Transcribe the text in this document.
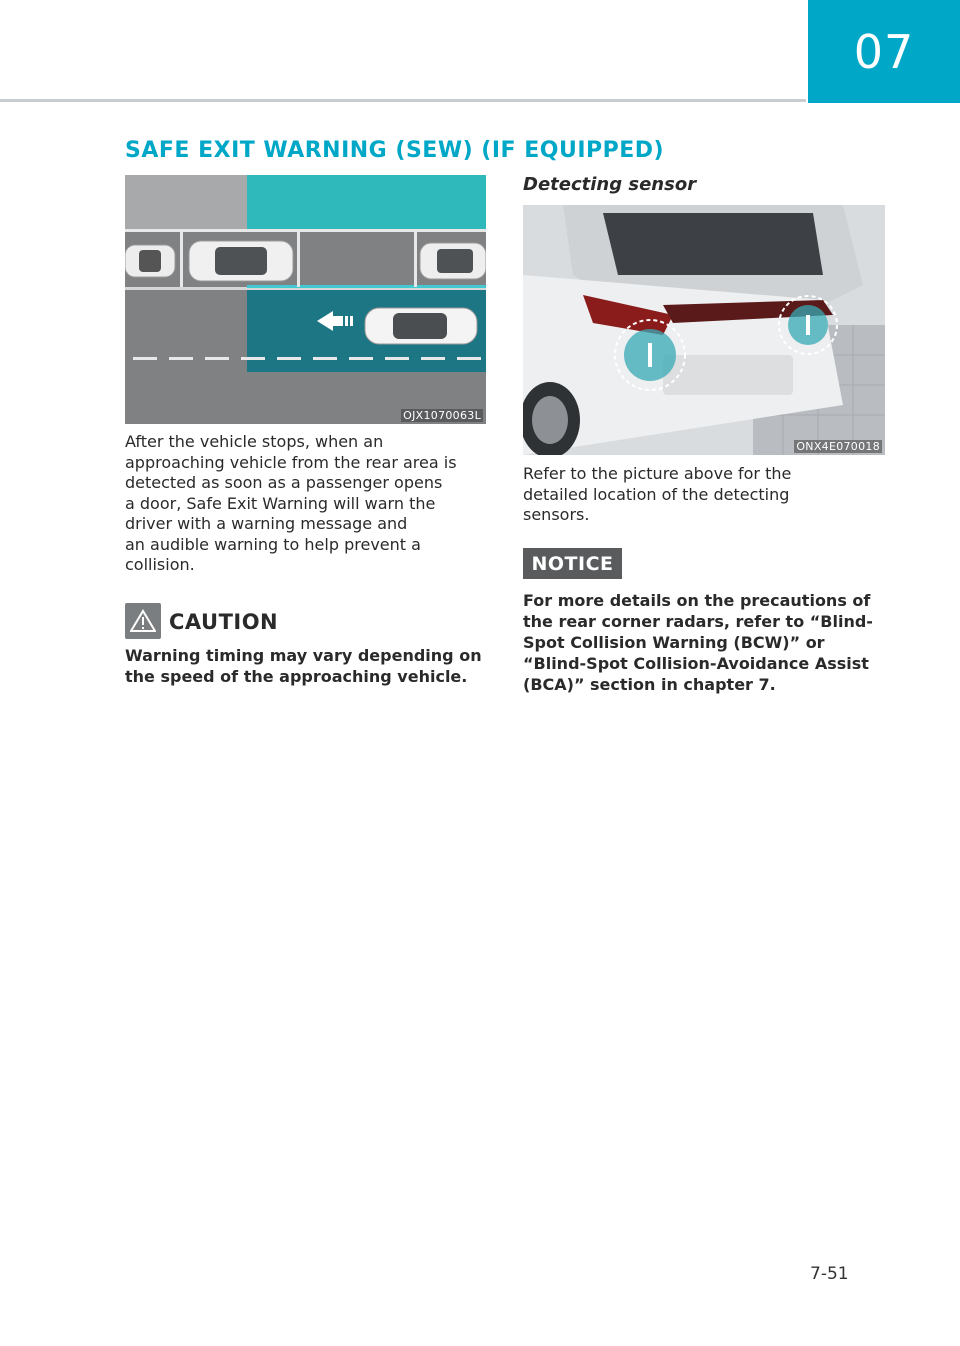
07
SAFE EXIT WARNING (SEW) (IF EQUIPPED)
OJX1070063L
After the vehicle stops, when an
approaching vehicle from the rear area is
detected as soon as a passenger opens
a door, Safe Exit Warning will warn the
driver with a warning message and
an audible warning to help prevent a
collision.
CAUTION
Warning timing may vary depending on
the speed of the approaching vehicle.
Detecting sensor
ONX4E070018
Refer to the picture above for the
detailed location of the detecting
sensors.
NOTICE
For more details on the precautions of
the rear corner radars, refer to “Blind-
Spot Collision Warning (BCW)” or
“Blind-Spot Collision-Avoidance Assist
(BCA)” section in chapter 7.
7-51
